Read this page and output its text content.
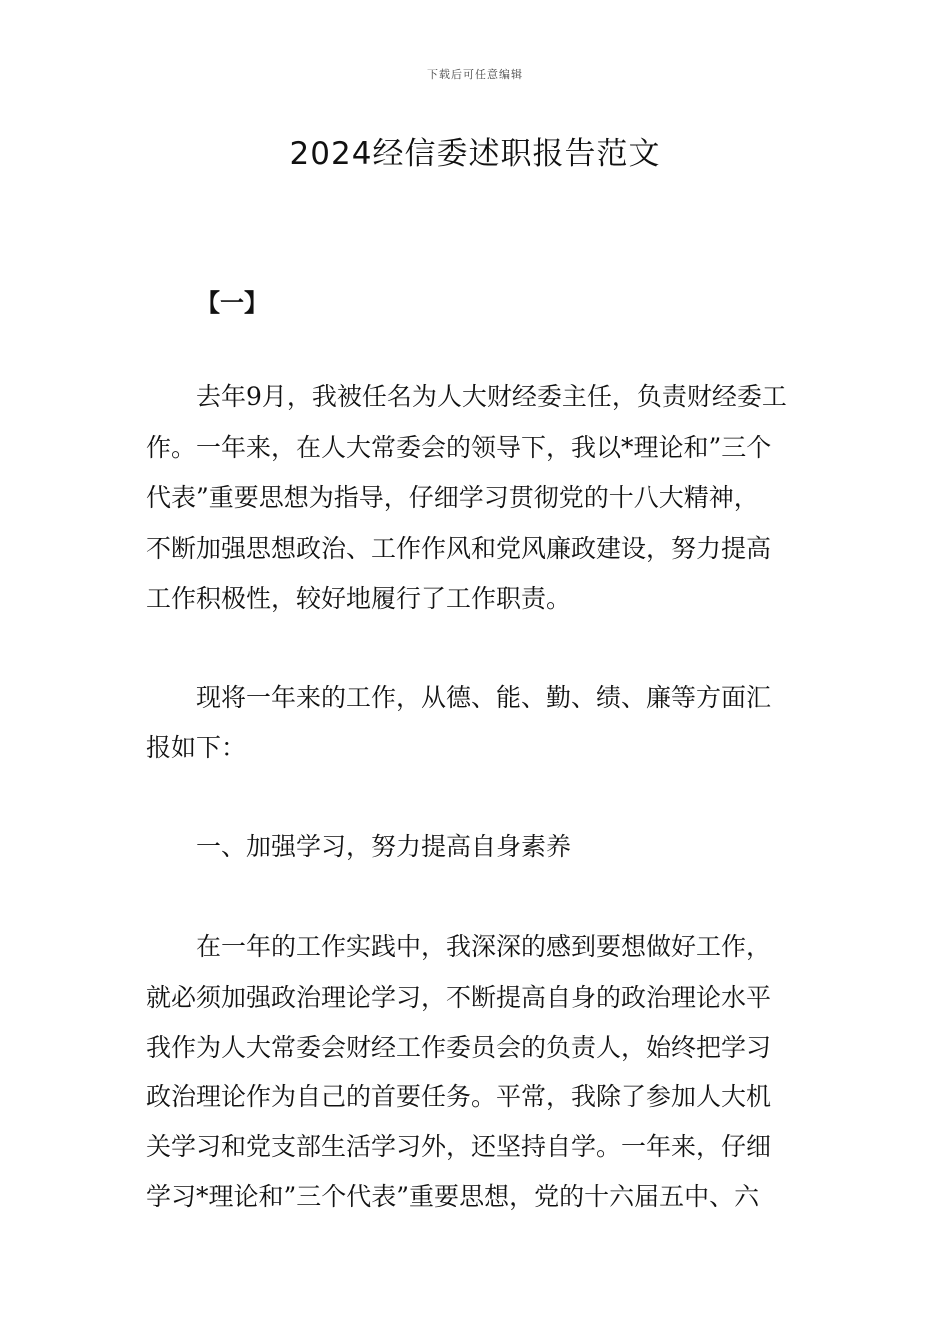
下载后可任意编辑
2024经信委述职报告范文
【一】
去年9月，我被任名为人大财经委主任，负责财经委工
作。一年来，在人大常委会的领导下，我以*理论和”三个
代表”重要思想为指导，仔细学习贯彻党的十八大精神，
不断加强思想政治、工作作风和党风廉政建设，努力提高
工作积极性，较好地履行了工作职责。
现将一年来的工作，从德、能、勤、绩、廉等方面汇
报如下：
一、加强学习，努力提高自身素养
在一年的工作实践中，我深深的感到要想做好工作，
就必须加强政治理论学习，不断提高自身的政治理论水平
我作为人大常委会财经工作委员会的负责人，始终把学习
政治理论作为自己的首要任务。平常，我除了参加人大机
关学习和党支部生活学习外，还坚持自学。一年来，仔细
学习*理论和”三个代表”重要思想，党的十六届五中、六
